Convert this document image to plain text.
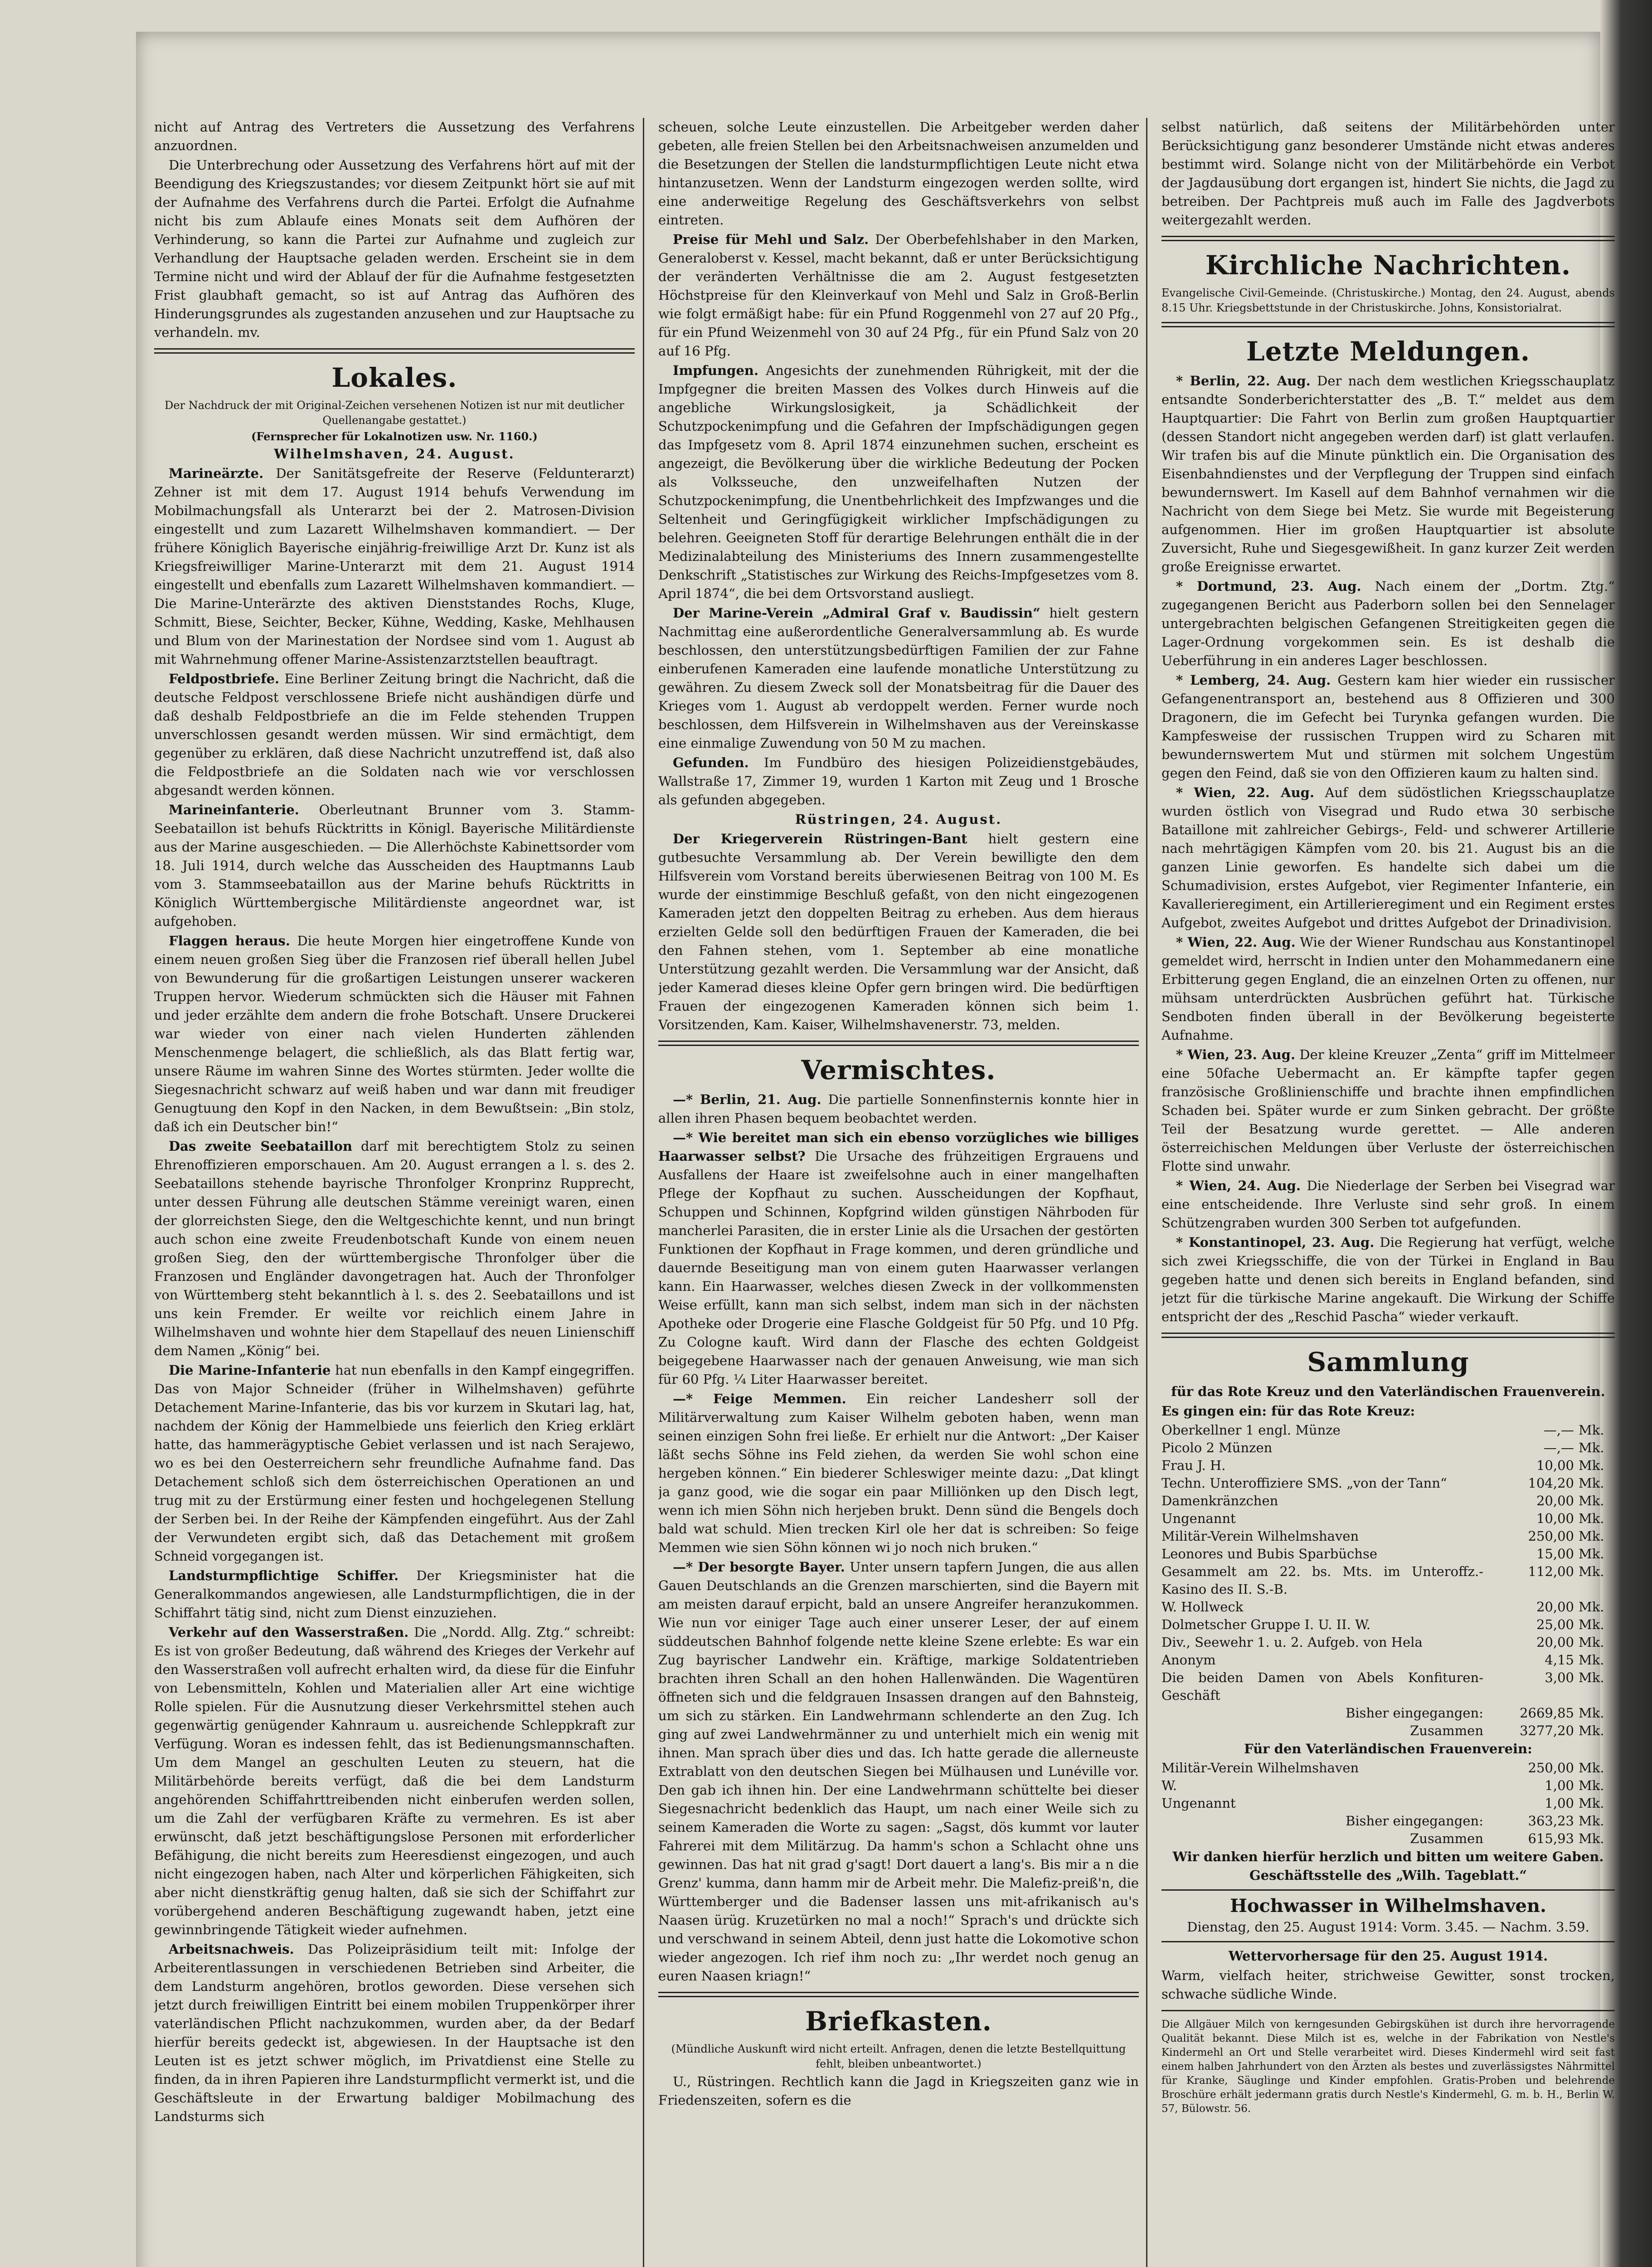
nicht auf Antrag des Vertreters die Aussetzung des Verfahrens anzuordnen.

Die Unterbrechung oder Aussetzung des Verfahrens hört auf mit der Beendigung des Kriegszustandes; vor diesem Zeitpunkt hört sie auf mit der Aufnahme des Verfahrens durch die Partei. Erfolgt die Aufnahme nicht bis zum Ablaufe eines Monats seit dem Aufhören der Verhinderung, so kann die Partei zur Aufnahme und zugleich zur Verhandlung der Hauptsache geladen werden. Erscheint sie in dem Termine nicht und wird der Ablauf der für die Aufnahme festgesetzten Frist glaubhaft gemacht, so ist auf Antrag das Aufhören des Hinderungsgrundes als zugestanden anzusehen und zur Hauptsache zu verhandeln. mv.

Lokales.

Der Nachdruck der mit Original-Zeichen versehenen Notizen ist nur mit deutlicher Quellenangabe gestattet.)

(Fernsprecher für Lokalnotizen usw. Nr. 1160.)

Wilhelmshaven, 24. August.

Marineärzte. Der Sanitätsgefreite der Reserve (Feldunterarzt) Zehner ist mit dem 17. August 1914 behufs Verwendung im Mobilmachungsfall als Unterarzt bei der 2. Matrosen-Division eingestellt und zum Lazarett Wilhelmshaven kommandiert. — Der frühere Königlich Bayerische einjährig-freiwillige Arzt Dr. Kunz ist als Kriegsfreiwilliger Marine-Unterarzt mit dem 21. August 1914 eingestellt und ebenfalls zum Lazarett Wilhelmshaven kommandiert. — Die Marine-Unterärzte des aktiven Dienststandes Rochs, Kluge, Schmitt, Biese, Seichter, Becker, Kühne, Wedding, Kaske, Mehlhausen und Blum von der Marinestation der Nordsee sind vom 1. August ab mit Wahrnehmung offener Marine-Assistenzarztstellen beauftragt.

Feldpostbriefe. Eine Berliner Zeitung bringt die Nachricht, daß die deutsche Feldpost verschlossene Briefe nicht aushändigen dürfe und daß deshalb Feldpostbriefe an die im Felde stehenden Truppen unverschlossen gesandt werden müssen. Wir sind ermächtigt, dem gegenüber zu erklären, daß diese Nachricht unzutreffend ist, daß also die Feldpostbriefe an die Soldaten nach wie vor verschlossen abgesandt werden können.

Marineinfanterie. Oberleutnant Brunner vom 3. Stamm-Seebataillon ist behufs Rücktritts in Königl. Bayerische Militärdienste aus der Marine ausgeschieden. — Die Allerhöchste Kabinettsorder vom 18. Juli 1914, durch welche das Ausscheiden des Hauptmanns Laub vom 3. Stammseebataillon aus der Marine behufs Rücktritts in Königlich Württembergische Militärdienste angeordnet war, ist aufgehoben.

Flaggen heraus. Die heute Morgen hier eingetroffene Kunde von einem neuen großen Sieg über die Franzosen rief überall hellen Jubel von Bewunderung für die großartigen Leistungen unserer wackeren Truppen hervor. Wiederum schmückten sich die Häuser mit Fahnen und jeder erzählte dem andern die frohe Botschaft. Unsere Druckerei war wieder von einer nach vielen Hunderten zählenden Menschenmenge belagert, die schließlich, als das Blatt fertig war, unsere Räume im wahren Sinne des Wortes stürmten. Jeder wollte die Siegesnachricht schwarz auf weiß haben und war dann mit freudiger Genugtuung den Kopf in den Nacken, in dem Bewußtsein: „Bin stolz, daß ich ein Deutscher bin!“

Das zweite Seebataillon darf mit berechtigtem Stolz zu seinen Ehrenoffizieren emporschauen. Am 20. August errangen a l. s. des 2. Seebataillons stehende bayrische Thronfolger Kronprinz Rupprecht, unter dessen Führung alle deutschen Stämme vereinigt waren, einen der glorreichsten Siege, den die Weltgeschichte kennt, und nun bringt auch schon eine zweite Freudenbotschaft Kunde von einem neuen großen Sieg, den der württembergische Thronfolger über die Franzosen und Engländer davongetragen hat. Auch der Thronfolger von Württemberg steht bekanntlich à l. s. des 2. Seebataillons und ist uns kein Fremder. Er weilte vor reichlich einem Jahre in Wilhelmshaven und wohnte hier dem Stapellauf des neuen Linienschiff dem Namen „König“ bei.

Die Marine-Infanterie hat nun ebenfalls in den Kampf eingegriffen. Das von Major Schneider (früher in Wilhelmshaven) geführte Detachement Marine-Infanterie, das bis vor kurzem in Skutari lag, hat, nachdem der König der Hammelbiede uns feierlich den Krieg erklärt hatte, das hammerägyptische Gebiet verlassen und ist nach Serajewo, wo es bei den Oesterreichern sehr freundliche Aufnahme fand. Das Detachement schloß sich dem österreichischen Operationen an und trug mit zu der Erstürmung einer festen und hochgelegenen Stellung der Serben bei. In der Reihe der Kämpfenden eingeführt. Aus der Zahl der Verwundeten ergibt sich, daß das Detachement mit großem Schneid vorgegangen ist.

Landsturmpflichtige Schiffer. Der Kriegsminister hat die Generalkommandos angewiesen, alle Landsturmpflichtigen, die in der Schiffahrt tätig sind, nicht zum Dienst einzuziehen.

Verkehr auf den Wasserstraßen. Die „Nordd. Allg. Ztg.“ schreibt: Es ist von großer Bedeutung, daß während des Krieges der Verkehr auf den Wasserstraßen voll aufrecht erhalten wird, da diese für die Einfuhr von Lebensmitteln, Kohlen und Materialien aller Art eine wichtige Rolle spielen. Für die Ausnutzung dieser Verkehrsmittel stehen auch gegenwärtig genügender Kahnraum u. ausreichende Schleppkraft zur Verfügung. Woran es indessen fehlt, das ist Bedienungsmannschaften. Um dem Mangel an geschulten Leuten zu steuern, hat die Militärbehörde bereits verfügt, daß die bei dem Landsturm angehörenden Schiffahrttreibenden nicht einberufen werden sollen, um die Zahl der verfügbaren Kräfte zu vermehren. Es ist aber erwünscht, daß jetzt beschäftigungslose Personen mit erforderlicher Befähigung, die nicht bereits zum Heeresdienst eingezogen, und auch nicht eingezogen haben, nach Alter und körperlichen Fähigkeiten, sich aber nicht dienstkräftig genug halten, daß sie sich der Schiffahrt zur vorübergehend anderen Beschäftigung zugewandt haben, jetzt eine gewinnbringende Tätigkeit wieder aufnehmen.

Arbeitsnachweis. Das Polizeipräsidium teilt mit: Infolge der Arbeiterentlassungen in verschiedenen Betrieben sind Arbeiter, die dem Landsturm angehören, brotlos geworden. Diese versehen sich jetzt durch freiwilligen Eintritt bei einem mobilen Truppenkörper ihrer vaterländischen Pflicht nachzukommen, wurden aber, da der Bedarf hierfür bereits gedeckt ist, abgewiesen. In der Hauptsache ist den Leuten ist es jetzt schwer möglich, im Privatdienst eine Stelle zu finden, da in ihren Papieren ihre Landsturmpflicht vermerkt ist, und die Geschäftsleute in der Erwartung baldiger Mobilmachung des Landsturms sich

scheuen, solche Leute einzustellen. Die Arbeitgeber werden daher gebeten, alle freien Stellen bei den Arbeitsnachweisen anzumelden und die Besetzungen der Stellen die landsturmpflichtigen Leute nicht etwa hintanzusetzen. Wenn der Landsturm eingezogen werden sollte, wird eine anderweitige Regelung des Geschäftsverkehrs von selbst eintreten.

Preise für Mehl und Salz. Der Oberbefehlshaber in den Marken, Generaloberst v. Kessel, macht bekannt, daß er unter Berücksichtigung der veränderten Verhältnisse die am 2. August festgesetzten Höchstpreise für den Kleinverkauf von Mehl und Salz in Groß-Berlin wie folgt ermäßigt habe: für ein Pfund Roggenmehl von 27 auf 20 Pfg., für ein Pfund Weizenmehl von 30 auf 24 Pfg., für ein Pfund Salz von 20 auf 16 Pfg.

Impfungen. Angesichts der zunehmenden Rührigkeit, mit der die Impfgegner die breiten Massen des Volkes durch Hinweis auf die angebliche Wirkungslosigkeit, ja Schädlichkeit der Schutzpockenimpfung und die Gefahren der Impfschädigungen gegen das Impfgesetz vom 8. April 1874 einzunehmen suchen, erscheint es angezeigt, die Bevölkerung über die wirkliche Bedeutung der Pocken als Volksseuche, den unzweifelhaften Nutzen der Schutzpockenimpfung, die Unentbehrlichkeit des Impfzwanges und die Seltenheit und Geringfügigkeit wirklicher Impfschädigungen zu belehren. Geeigneten Stoff für derartige Belehrungen enthält die in der Medizinalabteilung des Ministeriums des Innern zusammengestellte Denkschrift „Statistisches zur Wirkung des Reichs-Impfgesetzes vom 8. April 1874“, die bei dem Ortsvorstand ausliegt.

Der Marine-Verein „Admiral Graf v. Baudissin“ hielt gestern Nachmittag eine außerordentliche Generalversammlung ab. Es wurde beschlossen, den unterstützungsbedürftigen Familien der zur Fahne einberufenen Kameraden eine laufende monatliche Unterstützung zu gewähren. Zu diesem Zweck soll der Monatsbeitrag für die Dauer des Krieges vom 1. August ab verdoppelt werden. Ferner wurde noch beschlossen, dem Hilfsverein in Wilhelmshaven aus der Vereinskasse eine einmalige Zuwendung von 50 M zu machen.

Gefunden. Im Fundbüro des hiesigen Polizeidienstgebäudes, Wallstraße 17, Zimmer 19, wurden 1 Karton mit Zeug und 1 Brosche als gefunden abgegeben.

Rüstringen, 24. August.

Der Kriegerverein Rüstringen-Bant hielt gestern eine gutbesuchte Versammlung ab. Der Verein bewilligte den dem Hilfsverein vom Vorstand bereits überwiesenen Beitrag von 100 M. Es wurde der einstimmige Beschluß gefaßt, von den nicht eingezogenen Kameraden jetzt den doppelten Beitrag zu erheben. Aus dem hieraus erzielten Gelde soll den bedürftigen Frauen der Kameraden, die bei den Fahnen stehen, vom 1. September ab eine monatliche Unterstützung gezahlt werden. Die Versammlung war der Ansicht, daß jeder Kamerad dieses kleine Opfer gern bringen wird. Die bedürftigen Frauen der eingezogenen Kameraden können sich beim 1. Vorsitzenden, Kam. Kaiser, Wilhelmshavenerstr. 73, melden.

Vermischtes.

—* Berlin, 21. Aug. Die partielle Sonnenfinsternis konnte hier in allen ihren Phasen bequem beobachtet werden.

—* Wie bereitet man sich ein ebenso vorzügliches wie billiges Haarwasser selbst? Die Ursache des frühzeitigen Ergrauens und Ausfallens der Haare ist zweifelsohne auch in einer mangelhaften Pflege der Kopfhaut zu suchen. Ausscheidungen der Kopfhaut, Schuppen und Schinnen, Kopfgrind wilden günstigen Nährboden für mancherlei Parasiten, die in erster Linie als die Ursachen der gestörten Funktionen der Kopfhaut in Frage kommen, und deren gründliche und dauernde Beseitigung man von einem guten Haarwasser verlangen kann. Ein Haarwasser, welches diesen Zweck in der vollkommensten Weise erfüllt, kann man sich selbst, indem man sich in der nächsten Apotheke oder Drogerie eine Flasche Goldgeist für 50 Pfg. und 10 Pfg. Zu Cologne kauft. Wird dann der Flasche des echten Goldgeist beigegebene Haarwasser nach der genauen Anweisung, wie man sich für 60 Pfg. ¼ Liter Haarwasser bereitet.

—* Feige Memmen. Ein reicher Landesherr soll der Militärverwaltung zum Kaiser Wilhelm geboten haben, wenn man seinen einzigen Sohn frei ließe. Er erhielt nur die Antwort: „Der Kaiser läßt sechs Söhne ins Feld ziehen, da werden Sie wohl schon eine hergeben können.“ Ein biederer Schleswiger meinte dazu: „Dat klingt ja ganz good, wie die sogar ein paar Milliönken up den Disch legt, wenn ich mien Söhn nich herjeben brukt. Denn sünd die Bengels doch bald wat schuld. Mien trecken Kirl ole her dat is schreiben: So feige Memmen wie sien Söhn können wi jo noch nich bruken.“

—* Der besorgte Bayer. Unter unsern tapfern Jungen, die aus allen Gauen Deutschlands an die Grenzen marschierten, sind die Bayern mit am meisten darauf erpicht, bald an unsere Angreifer heranzukommen. Wie nun vor einiger Tage auch einer unserer Leser, der auf einem süddeutschen Bahnhof folgende nette kleine Szene erlebte: Es war ein Zug bayrischer Landwehr ein. Kräftige, markige Soldatentrieben brachten ihren Schall an den hohen Hallenwänden. Die Wagentüren öffneten sich und die feldgrauen Insassen drangen auf den Bahnsteig, um sich zu stärken. Ein Landwehrmann schlenderte an den Zug. Ich ging auf zwei Landwehrmänner zu und unterhielt mich ein wenig mit ihnen. Man sprach über dies und das. Ich hatte gerade die allerneuste Extrablatt von den deutschen Siegen bei Mülhausen und Lunéville vor. Den gab ich ihnen hin. Der eine Landwehrmann schüttelte bei dieser Siegesnachricht bedenklich das Haupt, um nach einer Weile sich zu seinem Kameraden die Worte zu sagen: „Sagst, dös kummt vor lauter Fahrerei mit dem Militärzug. Da hamm's schon a Schlacht ohne uns gewinnen. Das hat nit grad g'sagt! Dort dauert a lang's. Bis mir a n die Grenz' kumma, dann hamm mir de Arbeit mehr. Die Malefiz-preiß'n, die Württemberger und die Badenser lassen uns mit-afrikanisch au's Naasen ürüg. Kruzetürken no mal a noch!“ Sprach's und drückte sich und verschwand in seinem Abteil, denn just hatte die Lokomotive schon wieder angezogen. Ich rief ihm noch zu: „Ihr werdet noch genug an euren Naasen kriagn!“

Briefkasten.

(Mündliche Auskunft wird nicht erteilt. Anfragen, denen die letzte Bestellquittung fehlt, bleiben unbeantwortet.)

U., Rüstringen. Rechtlich kann die Jagd in Kriegszeiten ganz wie in Friedenszeiten, sofern es die

selbst natürlich, daß seitens der Militärbehörden unter Berücksichtigung ganz besonderer Umstände nicht etwas anderes bestimmt wird. Solange nicht von der Militärbehörde ein Verbot der Jagdausübung dort ergangen ist, hindert Sie nichts, die Jagd zu betreiben. Der Pachtpreis muß auch im Falle des Jagdverbots weitergezahlt werden.

Kirchliche Nachrichten.

Evangelische Civil-Gemeinde. (Christuskirche.) Montag, den 24. August, abends 8.15 Uhr. Kriegsbettstunde in der Christuskirche. Johns, Konsistorialrat.

Letzte Meldungen.

* Berlin, 22. Aug. Der nach dem westlichen Kriegsschauplatz entsandte Sonderberichterstatter des „B. T.“ meldet aus dem Hauptquartier: Die Fahrt von Berlin zum großen Hauptquartier (dessen Standort nicht angegeben werden darf) ist glatt verlaufen. Wir trafen bis auf die Minute pünktlich ein. Die Organisation des Eisenbahndienstes und der Verpflegung der Truppen sind einfach bewundernswert. Im Kasell auf dem Bahnhof vernahmen wir die Nachricht von dem Siege bei Metz. Sie wurde mit Begeisterung aufgenommen. Hier im großen Hauptquartier ist absolute Zuversicht, Ruhe und Siegesgewißheit. In ganz kurzer Zeit werden große Ereignisse erwartet.

* Dortmund, 23. Aug. Nach einem der „Dortm. Ztg.“ zugegangenen Bericht aus Paderborn sollen bei den Sennelager untergebrachten belgischen Gefangenen Streitigkeiten gegen die Lager-Ordnung vorgekommen sein. Es ist deshalb die Ueberführung in ein anderes Lager beschlossen.

* Lemberg, 24. Aug. Gestern kam hier wieder ein russischer Gefangenentransport an, bestehend aus 8 Offizieren und 300 Dragonern, die im Gefecht bei Turynka gefangen wurden. Die Kampfesweise der russischen Truppen wird zu Scharen mit bewundernswertem Mut und stürmen mit solchem Ungestüm gegen den Feind, daß sie von den Offizieren kaum zu halten sind.

* Wien, 22. Aug. Auf dem südöstlichen Kriegsschauplatze wurden östlich von Visegrad und Rudo etwa 30 serbische Bataillone mit zahlreicher Gebirgs-, Feld- und schwerer Artillerie nach mehrtägigen Kämpfen vom 20. bis 21. August bis an die ganzen Linie geworfen. Es handelte sich dabei um die Schumadivision, erstes Aufgebot, vier Regimenter Infanterie, ein Kavallerieregiment, ein Artillerieregiment und ein Regiment erstes Aufgebot, zweites Aufgebot und drittes Aufgebot der Drinadivision.

* Wien, 22. Aug. Wie der Wiener Rundschau aus Konstantinopel gemeldet wird, herrscht in Indien unter den Mohammedanern eine Erbitterung gegen England, die an einzelnen Orten zu offenen, nur mühsam unterdrückten Ausbrüchen geführt hat. Türkische Sendboten finden überall in der Bevölkerung begeisterte Aufnahme.

* Wien, 23. Aug. Der kleine Kreuzer „Zenta“ griff im Mittelmeer eine 50fache Uebermacht an. Er kämpfte tapfer gegen französische Großlinienschiffe und brachte ihnen empfindlichen Schaden bei. Später wurde er zum Sinken gebracht. Der größte Teil der Besatzung wurde gerettet. — Alle anderen österreichischen Meldungen über Verluste der österreichischen Flotte sind unwahr.

* Wien, 24. Aug. Die Niederlage der Serben bei Visegrad war eine entscheidende. Ihre Verluste sind sehr groß. In einem Schützengraben wurden 300 Serben tot aufgefunden.

* Konstantinopel, 23. Aug. Die Regierung hat verfügt, welche sich zwei Kriegsschiffe, die von der Türkei in England in Bau gegeben hatte und denen sich bereits in England befanden, sind jetzt für die türkische Marine angekauft. Die Wirkung der Schiffe entspricht der des „Reschid Pascha“ wieder verkauft.

Sammlung

für das Rote Kreuz und den Vaterländischen Frauenverein.

Es gingen ein: für das Rote Kreuz:

Oberkellner 1 engl. Münze	—,—	Mk.
Picolo 2 Münzen	—,—	Mk.
Frau J. H.	10,00	Mk.
Techn. Unteroffiziere SMS. „von der Tann“	104,20	Mk.
Damenkränzchen	20,00	Mk.
Ungenannt	10,00	Mk.
Militär-Verein Wilhelmshaven	250,00	Mk.
Leonores und Bubis Sparbüchse	15,00	Mk.
Gesammelt am 22. bs. Mts. im Unteroffz.-Kasino des II. S.-B.	112,00	Mk.
W. Hollweck	20,00	Mk.
Dolmetscher Gruppe I. U. II. W.	25,00	Mk.
Div., Seewehr 1. u. 2. Aufgeb. von Hela	20,00	Mk.
Anonym	4,15	Mk.
Die beiden Damen von Abels Konfituren-Geschäft	3,00	Mk.
Bisher eingegangen:	2669,85	Mk.
Zusammen	3277,20	Mk.

Für den Vaterländischen Frauenverein:

Militär-Verein Wilhelmshaven	250,00	Mk.
W.	1,00	Mk.
Ungenannt	1,00	Mk.
Bisher eingegangen:	363,23	Mk.
Zusammen	615,93	Mk.

Wir danken hierfür herzlich und bitten um weitere Gaben. Geschäftsstelle des „Wilh. Tageblatt.“

Hochwasser in Wilhelmshaven.

Dienstag, den 25. August 1914: Vorm. 3.45. — Nachm. 3.59.

Wettervorhersage für den 25. August 1914.

Warm, vielfach heiter, strichweise Gewitter, sonst trocken, schwache südliche Winde.

Die Allgäuer Milch von kerngesunden Gebirgskühen ist durch ihre hervorragende Qualität bekannt. Diese Milch ist es, welche in der Fabrikation von Nestle's Kindermehl an Ort und Stelle verarbeitet wird. Dieses Kindermehl wird seit fast einem halben Jahrhundert von den Ärzten als bestes und zuverlässigstes Nährmittel für Kranke, Säuglinge und Kinder empfohlen. Gratis-Proben und belehrende Broschüre erhält jedermann gratis durch Nestle's Kindermehl, G. m. b. H., Berlin W. 57, Bülowstr. 56.
